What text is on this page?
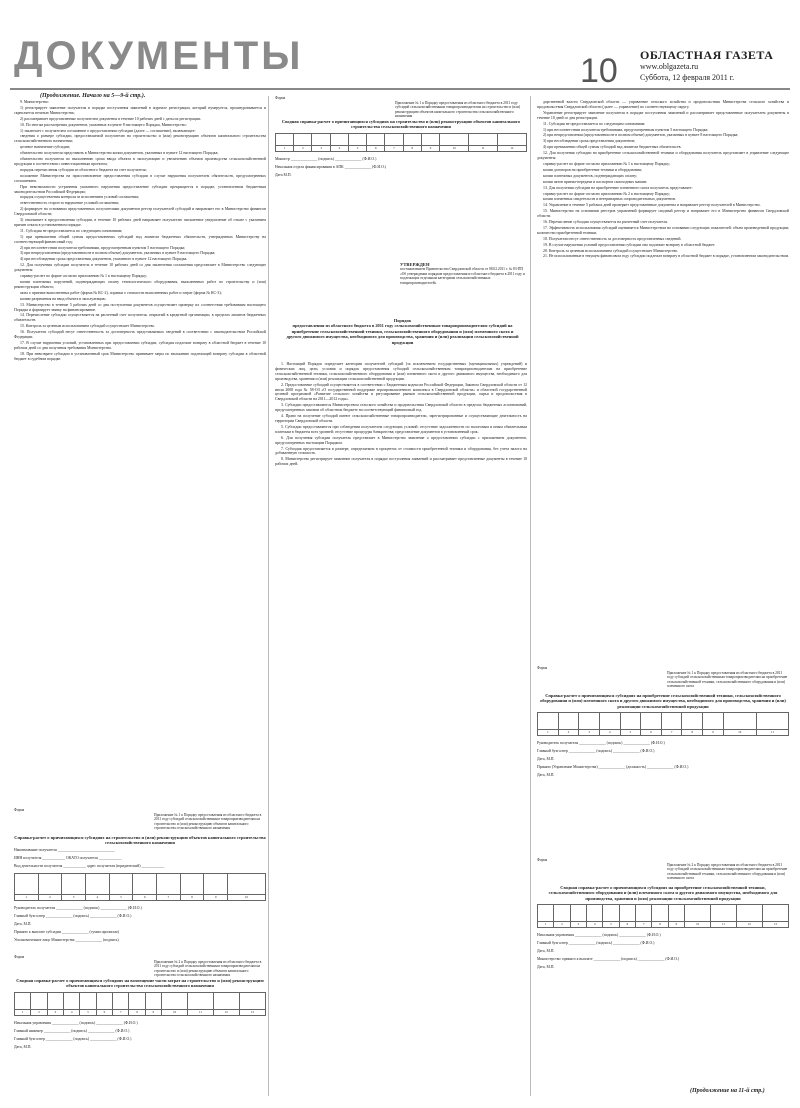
ДОКУМЕНТЫ	10 ОБЛАСТНАЯ ГАЗЕТА
www.oblgazeta.ru
Суббота, 12 февраля 2011 г.
(Продолжение. Начало на 5—9-й стр.).

9. Министерство:

1) регистрирует заявление получателя в порядке поступления заявлений в журнале регистрации, который нумеруется, прошнуровывается и скрепляется печатью Министерства;

2) рассматривает представленные получателем документы в течение 10 рабочих дней с даты их регистрации.

10. По итогам рассмотрения документов, указанных в пункте 8 настоящего Порядка, Министерство:

1) заключает с получателем соглашение о предоставлении субсидии (далее — соглашение), включающее:

сведения о размере субсидии, предоставляемой получателю на строительство и (или) реконструкцию объектов капитального строительства сельскохозяйственного назначения;

целевое назначение субсидии;

обязательство получателя представить в Министерство копии документов, указанных в пункте 12 настоящего Порядка;

обязательство получателя по выполнению срока ввода объекта в эксплуатацию и увеличению объемов производства сельскохозяйственной продукции в соответствии с инвестиционным проектом;

порядок перечисления субсидии из областного бюджета на счет получателя;

положение Министерства на приостановление предоставления субсидии в случае нарушения получателем обязательств, предусмотренных соглашением.

При невозможности устранения указанного нарушения предоставление субсидии прекращается в порядке, установленном бюджетным законодательством Российской Федерации;

порядок осуществления контроля за исполнением условий соглашения;

ответственность сторон за нарушение условий соглашения;

2) формирует на основании представленных получателями документов реестр получателей субсидий и направляет его в Министерство финансов Свердловской области;

3) отказывает в предоставлении субсидии, в течение 10 рабочих дней направляет получателю письменное уведомление об отказе с указанием причин отказа в установленном порядке.

11. Субсидия не предоставляется по следующим основаниям:

1) при превышении общей суммы предоставленных субсидий над лимитом бюджетных обязательств, утвержденных Министерству на соответствующий финансовый год;

2) при несоответствии получателя требованиям, предусмотренным пунктом 5 настоящего Порядка;

3) при непредставлении (представлении не в полном объеме) документов, указанных в пункте 8 настоящего Порядка;

4) при несоблюдении срока представления документов, указанного в пункте 12 настоящего Порядка.

12. Для получения субсидии получатель в течение 10 рабочих дней со дня заключения соглашения представляет в Министерство следующие документы:

справку-расчет по форме согласно приложению № 1 к настоящему Порядку;

копии платежных поручений, подтверждающих оплату технологического оборудования, выполненных работ по строительству и (или) реконструкции объекта;

акты о приемке выполненных работ (форма № КС-2), справки о стоимости выполненных работ и затрат (форма № КС-3);

копию разрешения на ввод объекта в эксплуатацию.

13. Министерство в течение 5 рабочих дней со дня поступления документов осуществляет проверку их соответствия требованиям настоящего Порядка и формирует заявку на финансирование.

14. Перечисление субсидии осуществляется на расчетный счет получателя, открытый в кредитной организации, в пределах лимитов бюджетных обязательств.

15. Контроль за целевым использованием субсидий осуществляет Министерство.

16. Получатели субсидий несут ответственность за достоверность представляемых сведений в соответствии с законодательством Российской Федерации.

17. В случае нарушения условий, установленных при предоставлении субсидии, субсидия подлежит возврату в областной бюджет в течение 10 рабочих дней со дня получения требования Министерства.

18. При невозврате субсидии в установленный срок Министерство принимает меры по взысканию подлежащей возврату субсидии в областной бюджет в судебном порядке.

Форма
Приложение № 1 к Порядку предоставления из областного бюджета в 2011 году субсидий сельскохозяйственным товаропроизводителям на строительство и (или) реконструкцию объектов капитального строительства сельскохозяйственного назначения
Сводная справка-расчет о причитающихся субсидиях на строительство и (или) реконструкцию объектов капитального строительства сельскохозяйственного назначения

1	2	3	4	5	6	7	8	9	10	11	12
Министр ______________ (подпись) ______________ (Ф.И.О.)
Начальник отдела финансирования в АПК ______________ (Ф.И.О.)
Дата М.П.
УТВЕРЖДЕН
постановлением Правительства Свердловской области от 08.02.2011 г. № 83-ПП «Об утверждении порядков предоставления из областного бюджета в 2011 году и подлежащих отдельным категориям сельскохозяйственных товаропроизводителей»
Порядок
предоставления из областного бюджета в 2011 году сельскохозяйственным товаропроизводителям субсидий на приобретение сельскохозяйственной техники, сельскохозяйственного оборудования и (или) племенного скота и другого движимого имущества, необходимого для производства, хранения и (или) реализации сельскохозяйственной продукции

1. Настоящий Порядок определяет категории получателей субсидий (за исключением государственных (муниципальных) учреждений) и физических лиц, цели, условия и порядок предоставления субсидий сельскохозяйственным товаропроизводителям на приобретение сельскохозяйственной техники, сельскохозяйственного оборудования и (или) племенного скота и другого движимого имущества, необходимого для производства, хранения и (или) реализации сельскохозяйственной продукции.

2. Предоставление субсидий осуществляется в соответствии с Бюджетным кодексом Российской Федерации, Законом Свердловской области от 12 июля 2008 года № 58-ОЗ «О государственной поддержке агропромышленного комплекса в Свердловской области» и областной государственной целевой программой «Развитие сельского хозяйства и регулирование рынков сельскохозяйственной продукции, сырья и продовольствия в Свердловской области на 2011—2012 годы».

3. Субсидии предоставляются Министерством сельского хозяйства и продовольствия Свердловской области в пределах бюджетных ассигнований, предусмотренных законом об областном бюджете на соответствующий финансовый год.

4. Право на получение субсидий имеют сельскохозяйственные товаропроизводители, зарегистрированные и осуществляющие деятельность на территории Свердловской области.

5. Субсидии предоставляются при соблюдении получателем следующих условий: отсутствие задолженности по налоговым и иным обязательным платежам в бюджеты всех уровней; отсутствие процедуры банкротства; представление документов в установленный срок.

6. Для получения субсидии получатель представляет в Министерство заявление о предоставлении субсидии с приложением документов, предусмотренных настоящим Порядком.

7. Субсидия предоставляется в размере, определяемом в процентах от стоимости приобретенной техники и оборудования, без учета налога на добавленную стоимость.

8. Министерство регистрирует заявление получателя в порядке поступления заявлений и рассматривает представленные документы в течение 10 рабочих дней.

дарственной власти Свердловской области — управление сельского хозяйства и продовольствия Министерства сельского хозяйства и продовольствия Свердловской области (далее — управление) по соответствующему округу.

Управление регистрирует заявление получателя в порядке поступления заявлений и рассматривает представленные получателем документы в течение 10 дней со дня регистрации.

11. Субсидия не предоставляется по следующим основаниям:

1) при несоответствии получателя требованиям, предусмотренным пунктом 5 настоящего Порядка;

2) при непредставлении (представлении не в полном объеме) документов, указанных в пункте 8 настоящего Порядка;

3) при несоблюдении срока представления документов;

4) при превышении общей суммы субсидий над лимитом бюджетных обязательств.

12. Для получения субсидии на приобретение сельскохозяйственной техники и оборудования получатель представляет в управление следующие документы:

справку-расчет по форме согласно приложению № 1 к настоящему Порядку;

копии договоров на приобретение техники и оборудования;

копии платежных документов, подтверждающих оплату;

копии актов приема-передачи и паспортов самоходных машин.

13. Для получения субсидии на приобретение племенного скота получатель представляет:

справку-расчет по форме согласно приложению № 2 к настоящему Порядку;

копии племенных свидетельств и ветеринарных сопроводительных документов.

14. Управление в течение 5 рабочих дней проверяет представленные документы и направляет реестр получателей в Министерство.

15. Министерство на основании реестров управлений формирует сводный реестр и направляет его в Министерство финансов Свердловской области.

16. Перечисление субсидии осуществляется на расчетный счет получателя.

17. Эффективность использования субсидий оценивается Министерством на основании следующих показателей: объем произведенной продукции; количество приобретенной техники.

18. Получатели несут ответственность за достоверность представленных сведений.

19. В случае нарушения условий предоставления субсидии она подлежит возврату в областной бюджет.

20. Контроль за целевым использованием субсидий осуществляет Министерство.

21. Не использованные в текущем финансовом году субсидии подлежат возврату в областной бюджет в порядке, установленном законодательством.

Форма
Приложение № 1 к Порядку предоставления из областного бюджета в 2011 году субсидий сельскохозяйственным товаропроизводителям на строительство и (или) реконструкцию объектов капитального строительства сельскохозяйственного назначения
Справка-расчет о причитающихся субсидиях на строительство и (или) реконструкцию объектов капитального строительства сельскохозяйственного назначения
Наименование получателя ______________________________
ИНН получателя ____________ ОКАТО получателя ____________
Вид деятельности получателя ____________ адрес получателя (юридический) ____________

1	2	3	4	5	6	7	8	9	10
Руководитель получателя ______________ (подпись) ______________ (Ф.И.О.)
Главный бухгалтер ______________ (подпись) ______________ (Ф.И.О.)
Дата, М.П.
Принято к выплате субсидии ______________ (сумма прописью)
Уполномоченное лицо Министерства ______________ (подпись)
Форма
Приложение № 2 к Порядку предоставления из областного бюджета в 2011 году субсидий сельскохозяйственным товаропроизводителям на строительство и (или) реконструкцию объектов капитального строительства сельскохозяйственного назначения
Сводная справка-расчет о причитающихся субсидиях на возмещение части затрат на строительство и (или) реконструкцию объектов капитального строительства сельскохозяйственного назначения

1	2	3	4	5	6	7	8	9	10	11	12	13
Начальник управления ______________ (подпись) ______________ (Ф.И.О.)
Главный инженер ______________ (подпись) ______________ (Ф.И.О.)
Главный бухгалтер ______________ (подпись) ______________ (Ф.И.О.)
Дата, М.П.
Форма
Приложение № 1 к Порядку предоставления из областного бюджета в 2011 году субсидий сельскохозяйственным товаропроизводителям на приобретение сельскохозяйственной техники, сельскохозяйственного оборудования и (или) племенного скота
Справка-расчет о причитающихся субсидиях на приобретение сельскохозяйственной техники, сельскохозяйственного оборудования и (или) племенного скота и другого движимого имущества, необходимого для производства, хранения и (или) реализации сельскохозяйственной продукции

1	2	3	4	5	6	7	8	9	10	11
Руководитель получателя ______________ (подпись) ______________ (Ф.И.О.)
Главный бухгалтер ______________ (подпись) ______________ (Ф.И.О.)
Дата, М.П.
Принято (Управление Министерства) ______________ (должность) ______________ (Ф.И.О.)
Дата, М.П.
Форма
Приложение № 2 к Порядку предоставления из областного бюджета в 2011 году субсидий сельскохозяйственным товаропроизводителям на приобретение сельскохозяйственной техники, сельскохозяйственного оборудования и (или) племенного скота
Сводная справка-расчет о причитающихся субсидиях на приобретение сельскохозяйственной техники, сельскохозяйственного оборудования и (или) племенного скота и другого движимого имущества, необходимого для производства, хранения и (или) реализации сельскохозяйственной продукции

1	2	3	4	5	6	7	8	9	10	11	12	13
Начальник управления ______________ (подпись) ______________ (Ф.И.О.)
Главный бухгалтер ______________ (подпись) ______________ (Ф.И.О.)
Дата, М.П.
Министерство: принято к выплате ______________ (подпись) ______________ (Ф.И.О.)
Дата, М.П.
(Продолжение на 11-й стр.)
